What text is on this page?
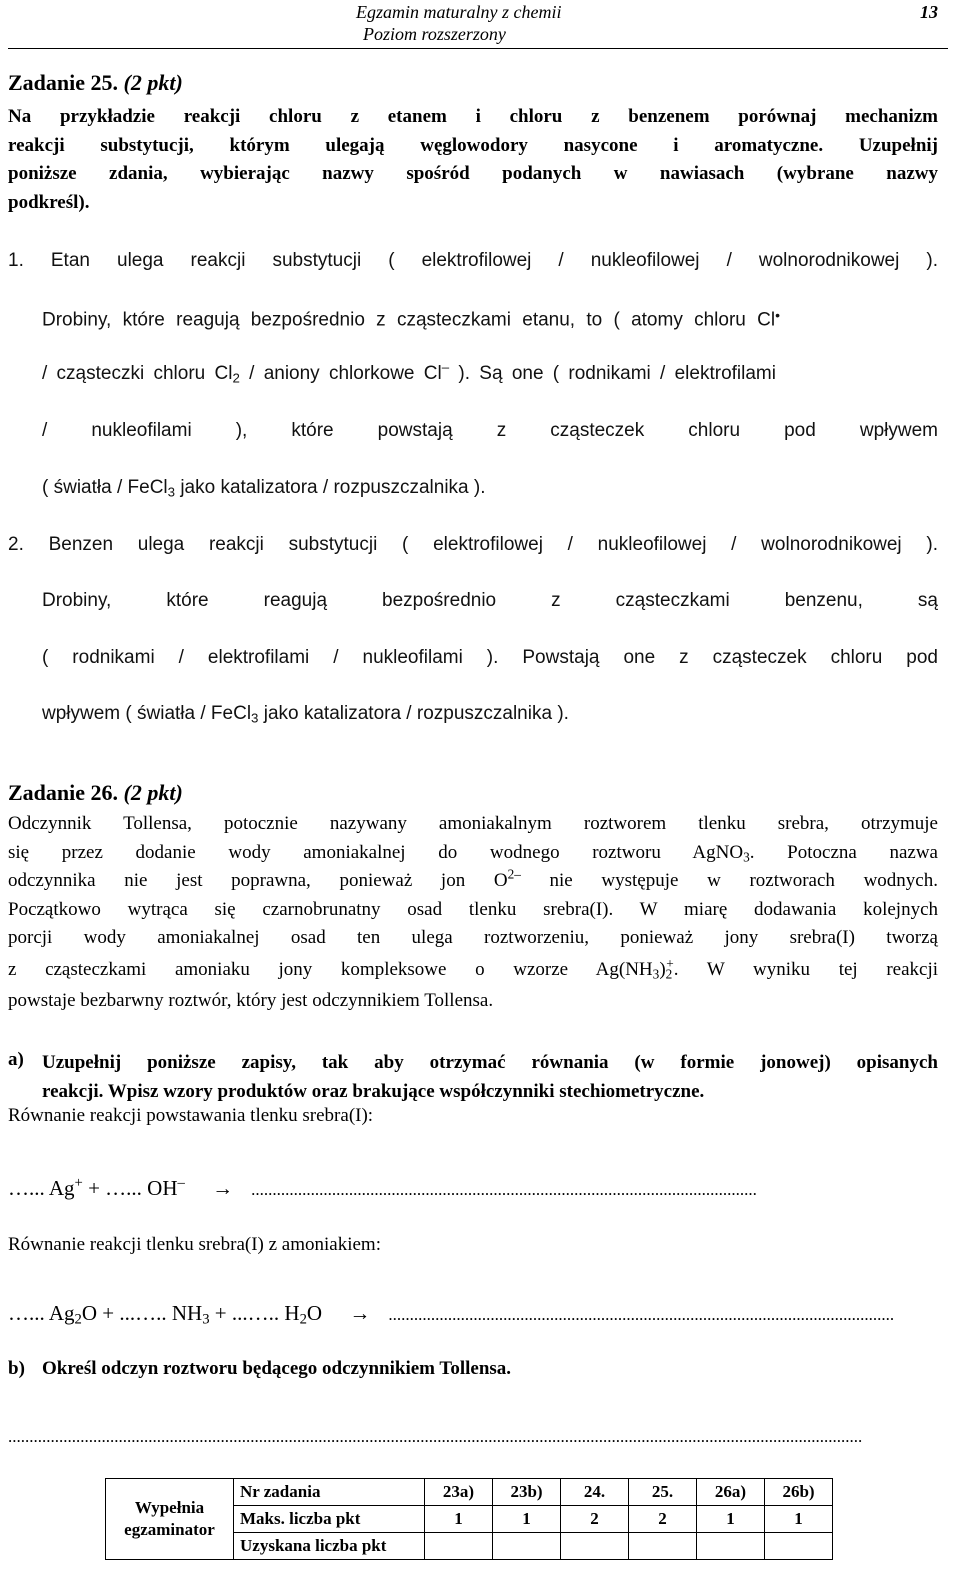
Egzamin maturalny z chemii
Poziom rozszerzony
13
Zadanie 25. (2 pkt)
Na przykładzie reakcji chloru z etanem i chloru z benzenem porównaj mechanizm
reakcji substytucji, którym ulegają węglowodory nasycone i aromatyczne. Uzupełnij
poniższe zdania, wybierając nazwy spośród podanych w nawiasach (wybrane nazwy
podkreśl).
1. Etan ulega reakcji substytucji ( elektrofilowej / nukleofilowej / wolnorodnikowej ).
Drobiny, które reagują bezpośrednio z cząsteczkami etanu, to ( atomy chloru Cl•
/ cząsteczki chloru $Cl_2$ / aniony chlorkowe Cl– ). Są one ( rodnikami / elektrofilami
/ nukleofilami ), które powstają z cząsteczek chloru pod wpływem
( światła / FeCl$_3$ jako katalizatora / rozpuszczalnika ).
2. Benzen ulega reakcji substytucji ( elektrofilowej / nukleofilowej / wolnorodnikowej ).
Drobiny, które reagują bezpośrednio z cząsteczkami benzenu, są
( rodnikami / elektrofilami / nukleofilami ). Powstają one z cząsteczek chloru pod
wpływem ( światła / FeCl$_3$ jako katalizatora / rozpuszczalnika ).
Zadanie 26. (2 pkt)
Odczynnik Tollensa, potocznie nazywany amoniakalnym roztworem tlenku srebra, otrzymuje
się przez dodanie wody amoniakalnej do wodnego roztworu AgNO$_3$. Potoczna nazwa
odczynnika nie jest poprawna, ponieważ jon $O^{2-}$ nie występuje w roztworach wodnych.
Początkowo wytrąca się czarnobrunatny osad tlenku srebra(I). W miarę dodawania kolejnych
porcji wody amoniakalnej osad ten ulega roztworzeniu, ponieważ jony srebra(I) tworzą
z cząsteczkami amoniaku jony kompleksowe o wzorze $Ag(NH_3)_2^+$. W wyniku tej reakcji
powstaje bezbarwny roztwór, który jest odczynnikiem Tollensa.
a) Uzupełnij poniższe zapisy, tak aby otrzymać równania (w formie jonowej) opisanych
reakcji. Wpisz wzory produktów oraz brakujące współczynniki stechiometryczne.
Równanie reakcji powstawania tlenku srebra(I):
…... Ag+ + …... OH– → .......................................................................................................................
Równanie reakcji tlenku srebra(I) z amoniakiem:
…... $Ag_2O$ + ...….. $NH_3$ + ...….. $H_2O$ → .......................................................................................................................
b) Określ odczyn roztworu będącego odczynnikiem Tollensa.
.........................................................................................................................................................................................................
Wypełnia egzaminator	Nr zadania	23a)	23b)	24.	25.	26a)	26b)
	Maks. liczba pkt	1	1	2	2	1	1
	Uzyskana liczba pkt						
